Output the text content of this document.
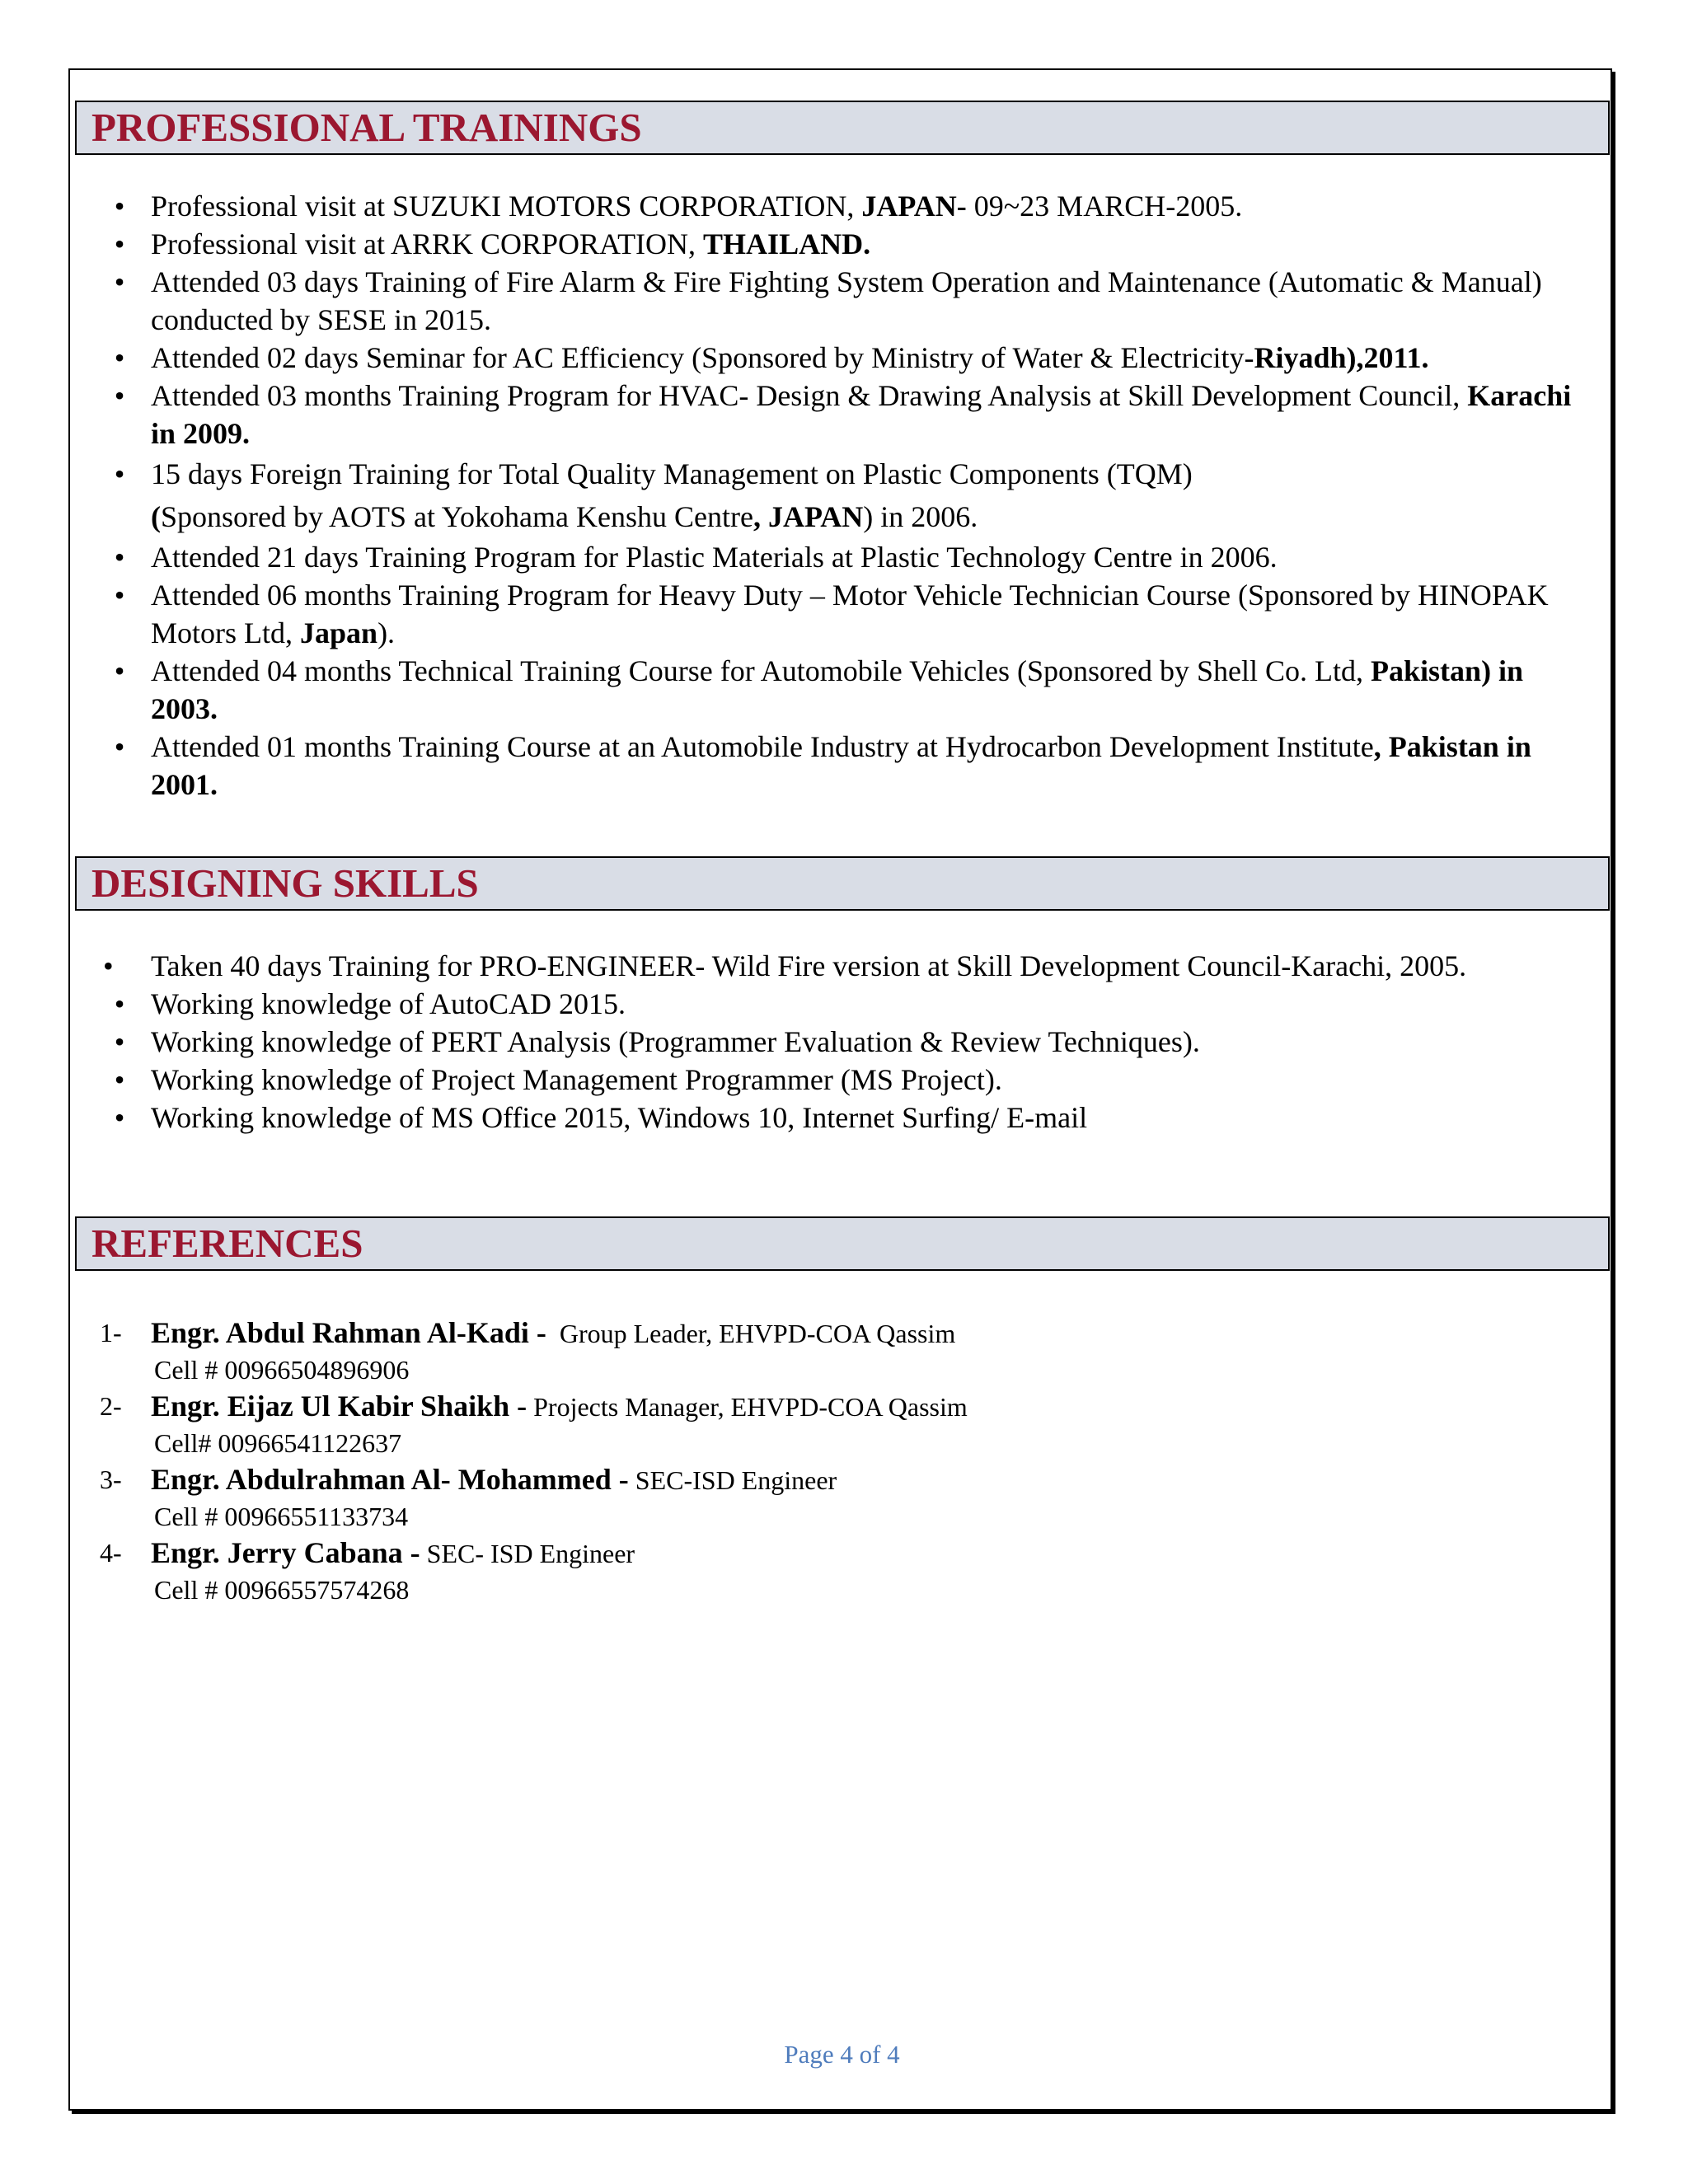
PROFESSIONAL TRAININGS
• Professional visit at SUZUKI MOTORS CORPORATION, JAPAN- 09~23 MARCH-2005.
• Professional visit at ARRK CORPORATION, THAILAND.
• Attended 03 days Training of Fire Alarm & Fire Fighting System Operation and Maintenance (Automatic & Manual) conducted by SESE in 2015.
• Attended 02 days Seminar for AC Efficiency (Sponsored by Ministry of Water & Electricity-Riyadh),2011.
• Attended 03 months Training Program for HVAC- Design & Drawing Analysis at Skill Development Council, Karachi in 2009.
• 15 days Foreign Training for Total Quality Management on Plastic Components (TQM)
(Sponsored by AOTS at Yokohama Kenshu Centre, JAPAN) in 2006.
• Attended 21 days Training Program for Plastic Materials at Plastic Technology Centre in 2006.
• Attended 06 months Training Program for Heavy Duty – Motor Vehicle Technician Course (Sponsored by HINOPAK Motors Ltd, Japan).
• Attended 04 months Technical Training Course for Automobile Vehicles (Sponsored by Shell Co. Ltd, Pakistan) in 2003.
• Attended 01 months Training Course at an Automobile Industry at Hydrocarbon Development Institute, Pakistan in 2001.
DESIGNING SKILLS
•	Taken 40 days Training for PRO-ENGINEER- Wild Fire version at Skill Development Council-Karachi, 2005.
• Working knowledge of AutoCAD 2015.
• Working knowledge of PERT Analysis (Programmer Evaluation & Review Techniques).
• Working knowledge of Project Management Programmer (MS Project).
• Working knowledge of MS Office 2015, Windows 10, Internet Surfing/ E-mail
REFERENCES
1- Engr. Abdul Rahman Al-Kadi -  Group Leader, EHVPD-COA Qassim
Cell # 00966504896906
2- Engr. Eijaz Ul Kabir Shaikh - Projects Manager, EHVPD-COA Qassim
Cell# 00966541122637
3- Engr. Abdulrahman Al- Mohammed - SEC-ISD Engineer
Cell # 00966551133734
4- Engr. Jerry Cabana - SEC- ISD Engineer
Cell # 00966557574268
Page 4 of 4
